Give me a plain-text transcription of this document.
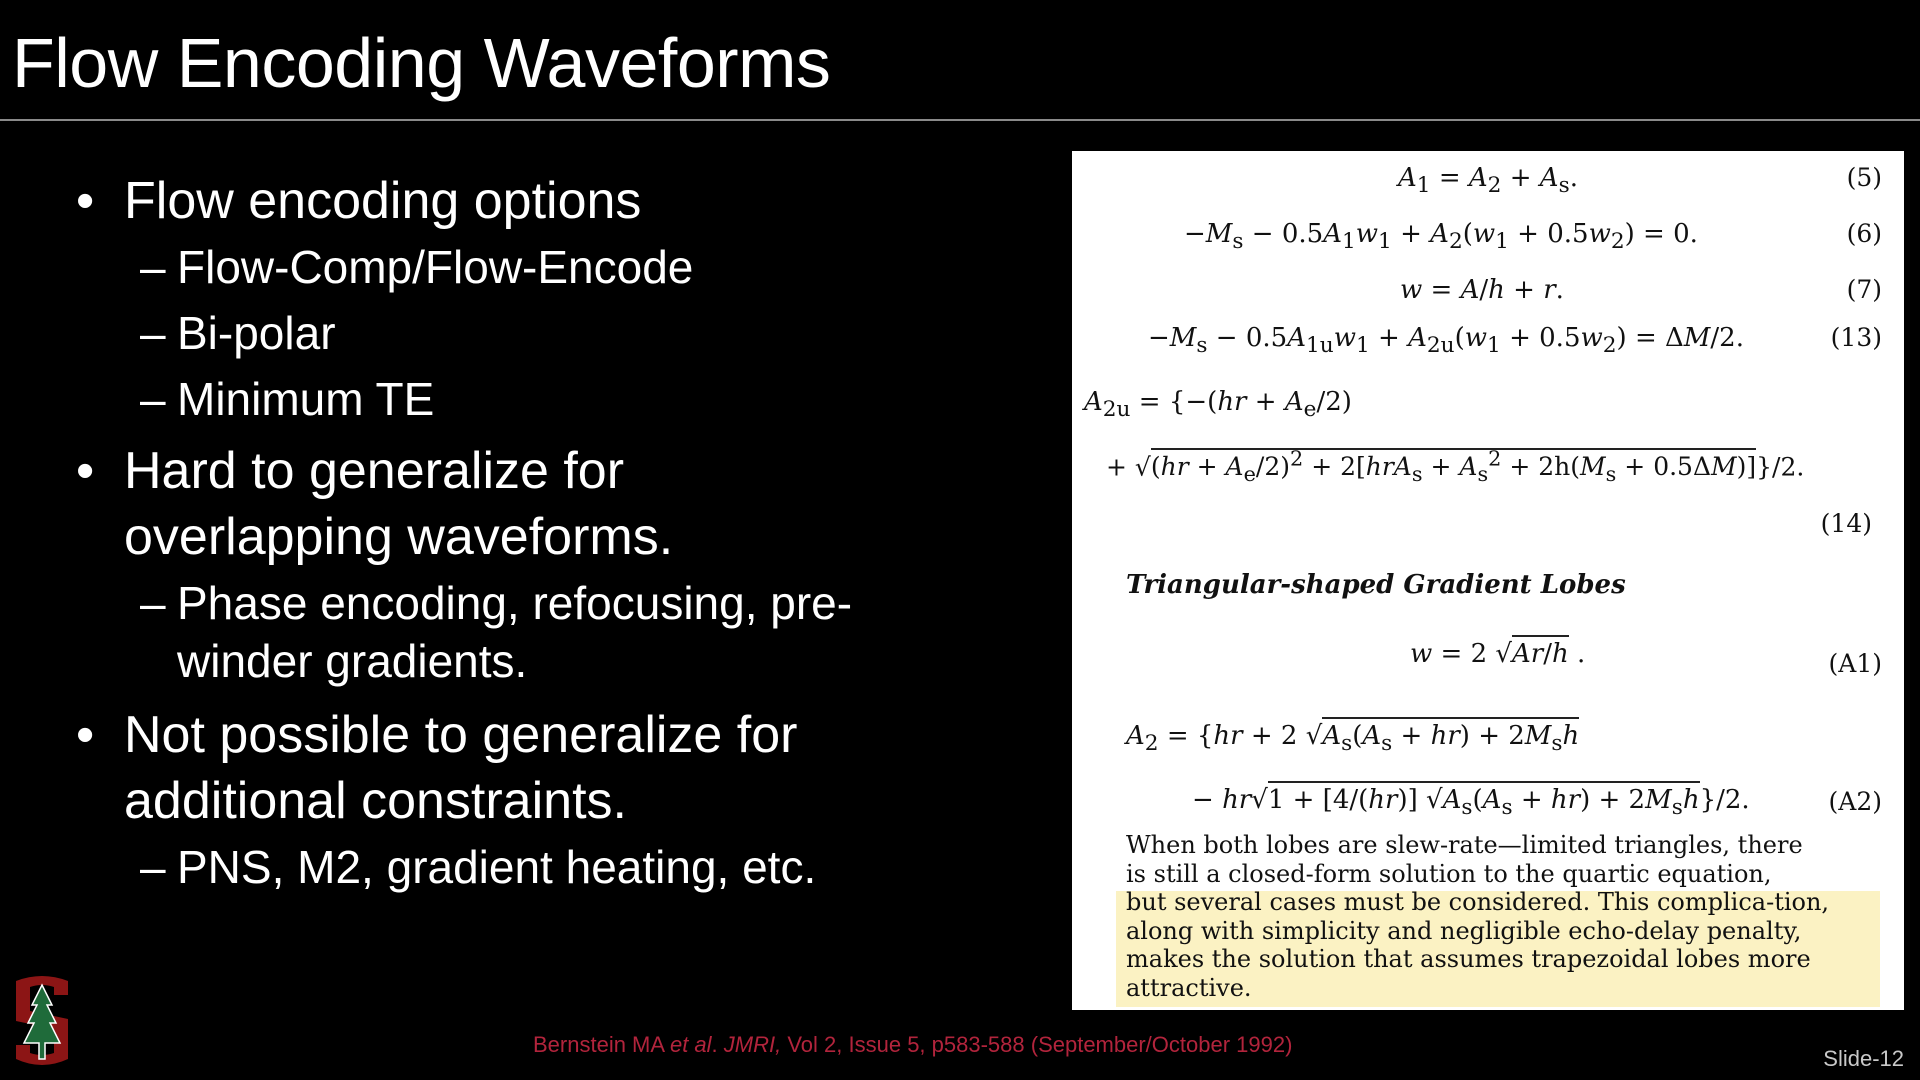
Flow Encoding Waveforms
• Flow encoding options
– Flow-Comp/Flow-Encode
– Bi-polar
– Minimum TE
• Hard to generalize for overlapping waveforms.
– Phase encoding, refocusing, pre-winder gradients.
• Not possible to generalize for additional constraints.
– PNS, M2, gradient heating, etc.
$A_1 = A_2 + A_s$.	(5)
$-M_s - 0.5A_1w_1 + A_2(w_1 + 0.5w_2) = 0$.	(6)
w = A/h + r.	(7)
$-M_s - 0.5A_{1u}w_1 + A_{2u}(w_1 + 0.5w_2) = \Delta M/2$.	(13)
$A_{2u} = \{-(hr + A_e/2)$
+ $√(hr + A_e/2)^2 + 2[hrA_s + A_s^2 + 2h(M_s + 0.5\Delta M)]\}/2$.
(14)
Triangular-shaped Gradient Lobes
w = 2 √Ar/h .	(A1)
$A_2 = \{hr + 2$ $√A_s(A_s + hr) + 2M_sh$
− hr√1 + [4/(hr)] $√A_s(A_s + hr) + 2M_sh\}/2$.	(A2)
When both lobes are slew-rate—limited triangles, there
is still a closed-form solution to the quartic equation,
but several cases must be considered. This complica-tion, along with simplicity and negligible echo-delay penalty, makes the solution that assumes trapezoidal lobes more attractive.
Bernstein MA et al. JMRI, Vol 2, Issue 5, p583-588 (September/October 1992)
Slide-12
